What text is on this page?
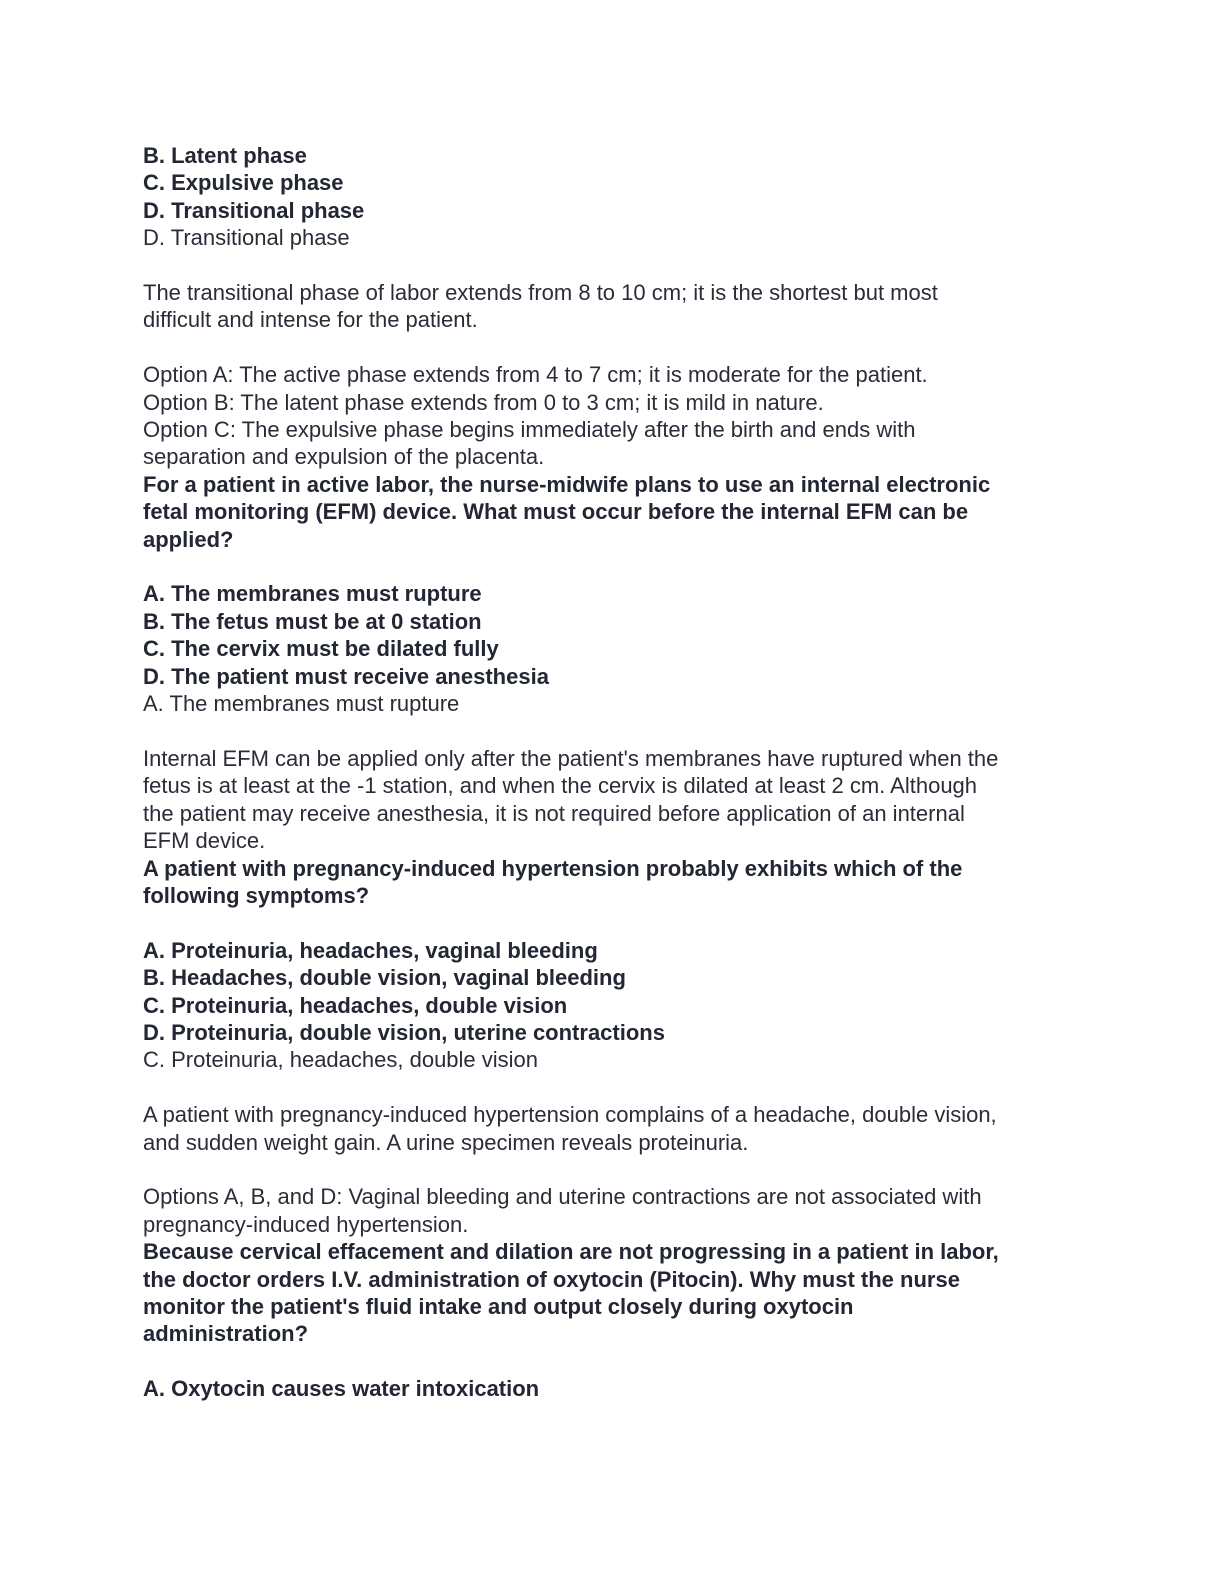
B. Latent phase

C. Expulsive phase

D. Transitional phase

D. Transitional phase

The transitional phase of labor extends from 8 to 10 cm; it is the shortest but most

difficult and intense for the patient.

Option A: The active phase extends from 4 to 7 cm; it is moderate for the patient.

Option B: The latent phase extends from 0 to 3 cm; it is mild in nature.

Option C: The expulsive phase begins immediately after the birth and ends with

separation and expulsion of the placenta.

For a patient in active labor, the nurse-midwife plans to use an internal electronic

fetal monitoring (EFM) device. What must occur before the internal EFM can be

applied?

A. The membranes must rupture

B. The fetus must be at 0 station

C. The cervix must be dilated fully

D. The patient must receive anesthesia

A. The membranes must rupture

Internal EFM can be applied only after the patient's membranes have ruptured when the

fetus is at least at the -1 station, and when the cervix is dilated at least 2 cm. Although

the patient may receive anesthesia, it is not required before application of an internal

EFM device.

A patient with pregnancy-induced hypertension probably exhibits which of the

following symptoms?

A. Proteinuria, headaches, vaginal bleeding

B. Headaches, double vision, vaginal bleeding

C. Proteinuria, headaches, double vision

D. Proteinuria, double vision, uterine contractions

C. Proteinuria, headaches, double vision

A patient with pregnancy-induced hypertension complains of a headache, double vision,

and sudden weight gain. A urine specimen reveals proteinuria.

Options A, B, and D: Vaginal bleeding and uterine contractions are not associated with

pregnancy-induced hypertension.

Because cervical effacement and dilation are not progressing in a patient in labor,

the doctor orders I.V. administration of oxytocin (Pitocin). Why must the nurse

monitor the patient's fluid intake and output closely during oxytocin

administration?

A. Oxytocin causes water intoxication
